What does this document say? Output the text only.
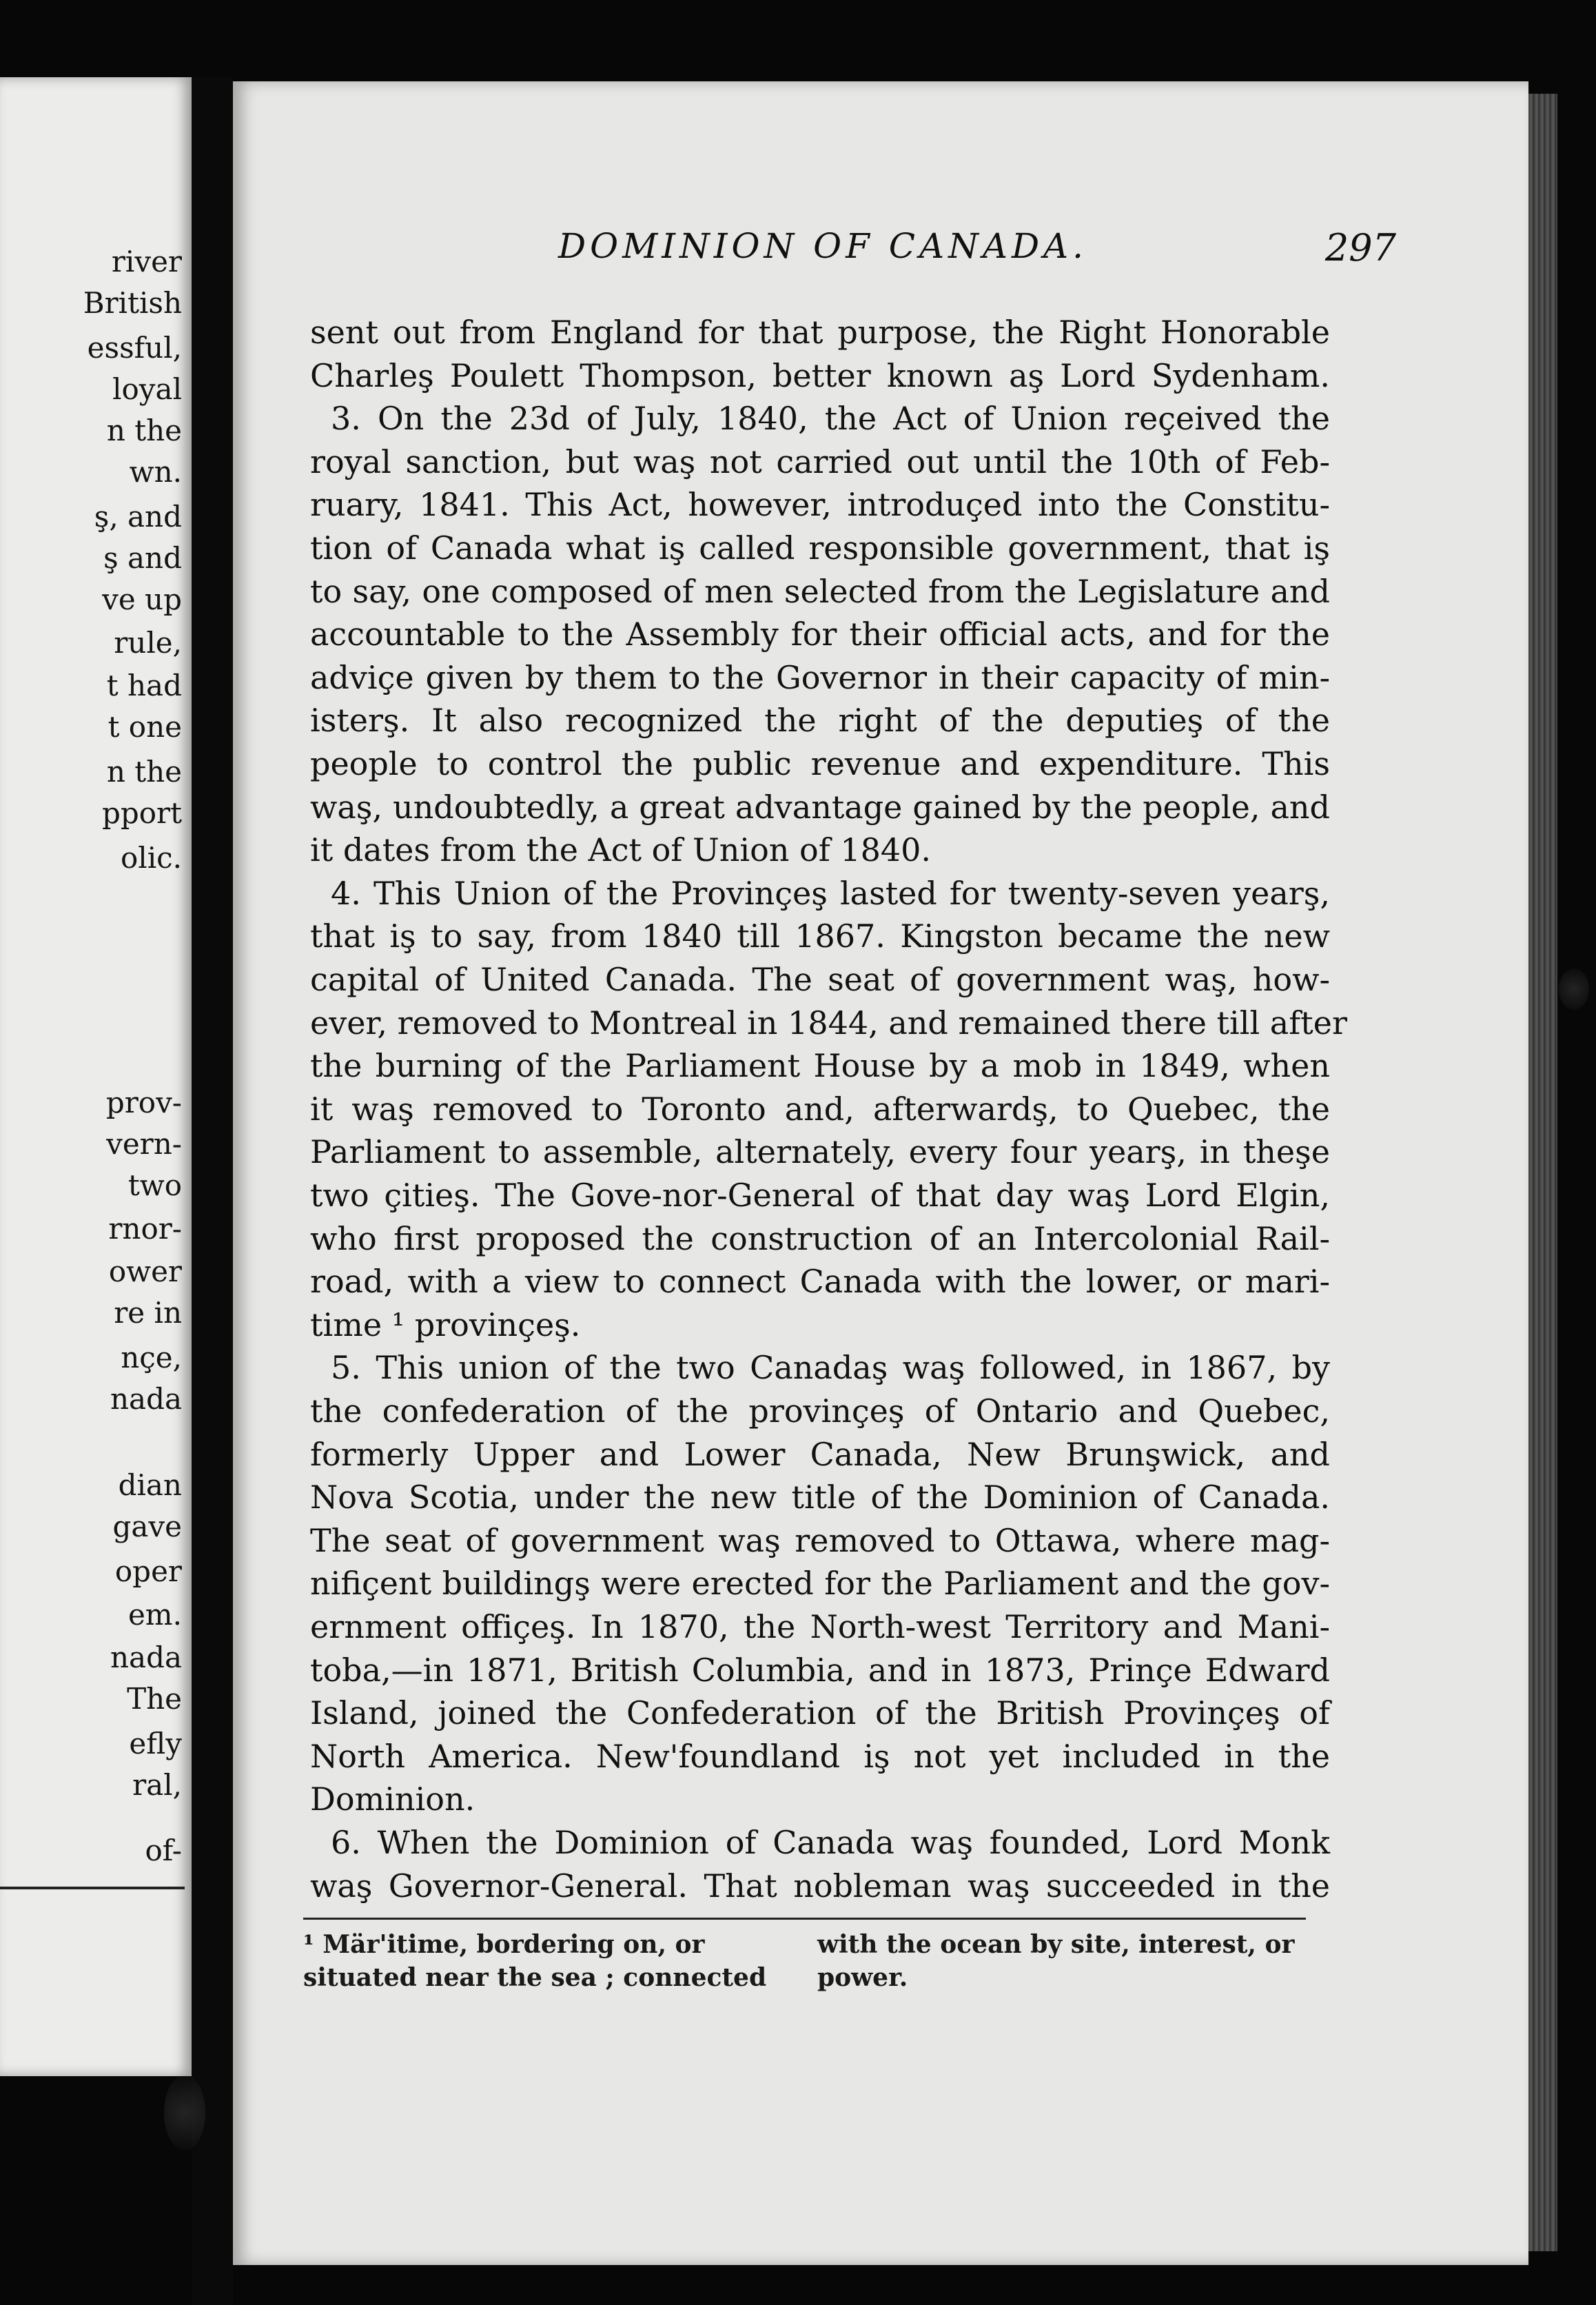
river
British
essful,
loyal
n the
wn.
ş, and
ş and
ve up
rule,
t had
t one
n the
pport
olic.
prov-
vern-
two
rnor-
ower
re in
nçe,
nada
dian
gave
oper
em.
nada
The
efly
ral,
of-
DOMINION OF CANADA.	297
sent out from England for that purpose, the Right Honorable
Charleş Poulett Thompson, better known aş Lord Sydenham.
3. On the 23d of July, 1840, the Act of Union reçeived the
royal sanction, but waş not carried out until the 10th of Feb-
ruary, 1841. This Act, however, introduçed into the Constitu-
tion of Canada what iş called responsible government, that iş
to say, one composed of men selected from the Legislature and
accountable to the Assembly for their official acts, and for the
adviçe given by them to the Governor in their capacity of min-
isterş. It also recognized the right of the deputieş of the
people to control the public revenue and expenditure. This
waş, undoubtedly, a great advantage gained by the people, and
it dates from the Act of Union of 1840.
4. This Union of the Provinçeş lasted for twenty-seven yearş,
that iş to say, from 1840 till 1867. Kingston became the new
capital of United Canada. The seat of government waş, how-
ever, removed to Montreal in 1844, and remained there till after
the burning of the Parliament House by a mob in 1849, when
it waş removed to Toronto and, afterwardş, to Quebec, the
Parliament to assemble, alternately, every four yearş, in theşe
two çitieş. The Gove-nor-General of that day waş Lord Elgin,
who first proposed the construction of an Intercolonial Rail-
road, with a view to connect Canada with the lower, or mari-
time ¹ provinçeş.
5. This union of the two Canadaş waş followed, in 1867, by
the confederation of the provinçeş of Ontario and Quebec,
formerly Upper and Lower Canada, New Brunşwick, and
Nova Scotia, under the new title of the Dominion of Canada.
The seat of government waş removed to Ottawa, where mag-
nifiçent buildingş were erected for the Parliament and the gov-
ernment offiçeş. In 1870, the North-west Territory and Mani-
toba,—in 1871, British Columbia, and in 1873, Prinçe Edward
Island, joined the Confederation of the British Provinçeş of
North America. New'foundland iş not yet included in the
Dominion.
6. When the Dominion of Canada waş founded, Lord Monk
waş Governor-General. That nobleman waş succeeded in the
¹ Mär'itime, bordering on, or
situated near the sea ; connected
with the ocean by site, interest, or
power.
